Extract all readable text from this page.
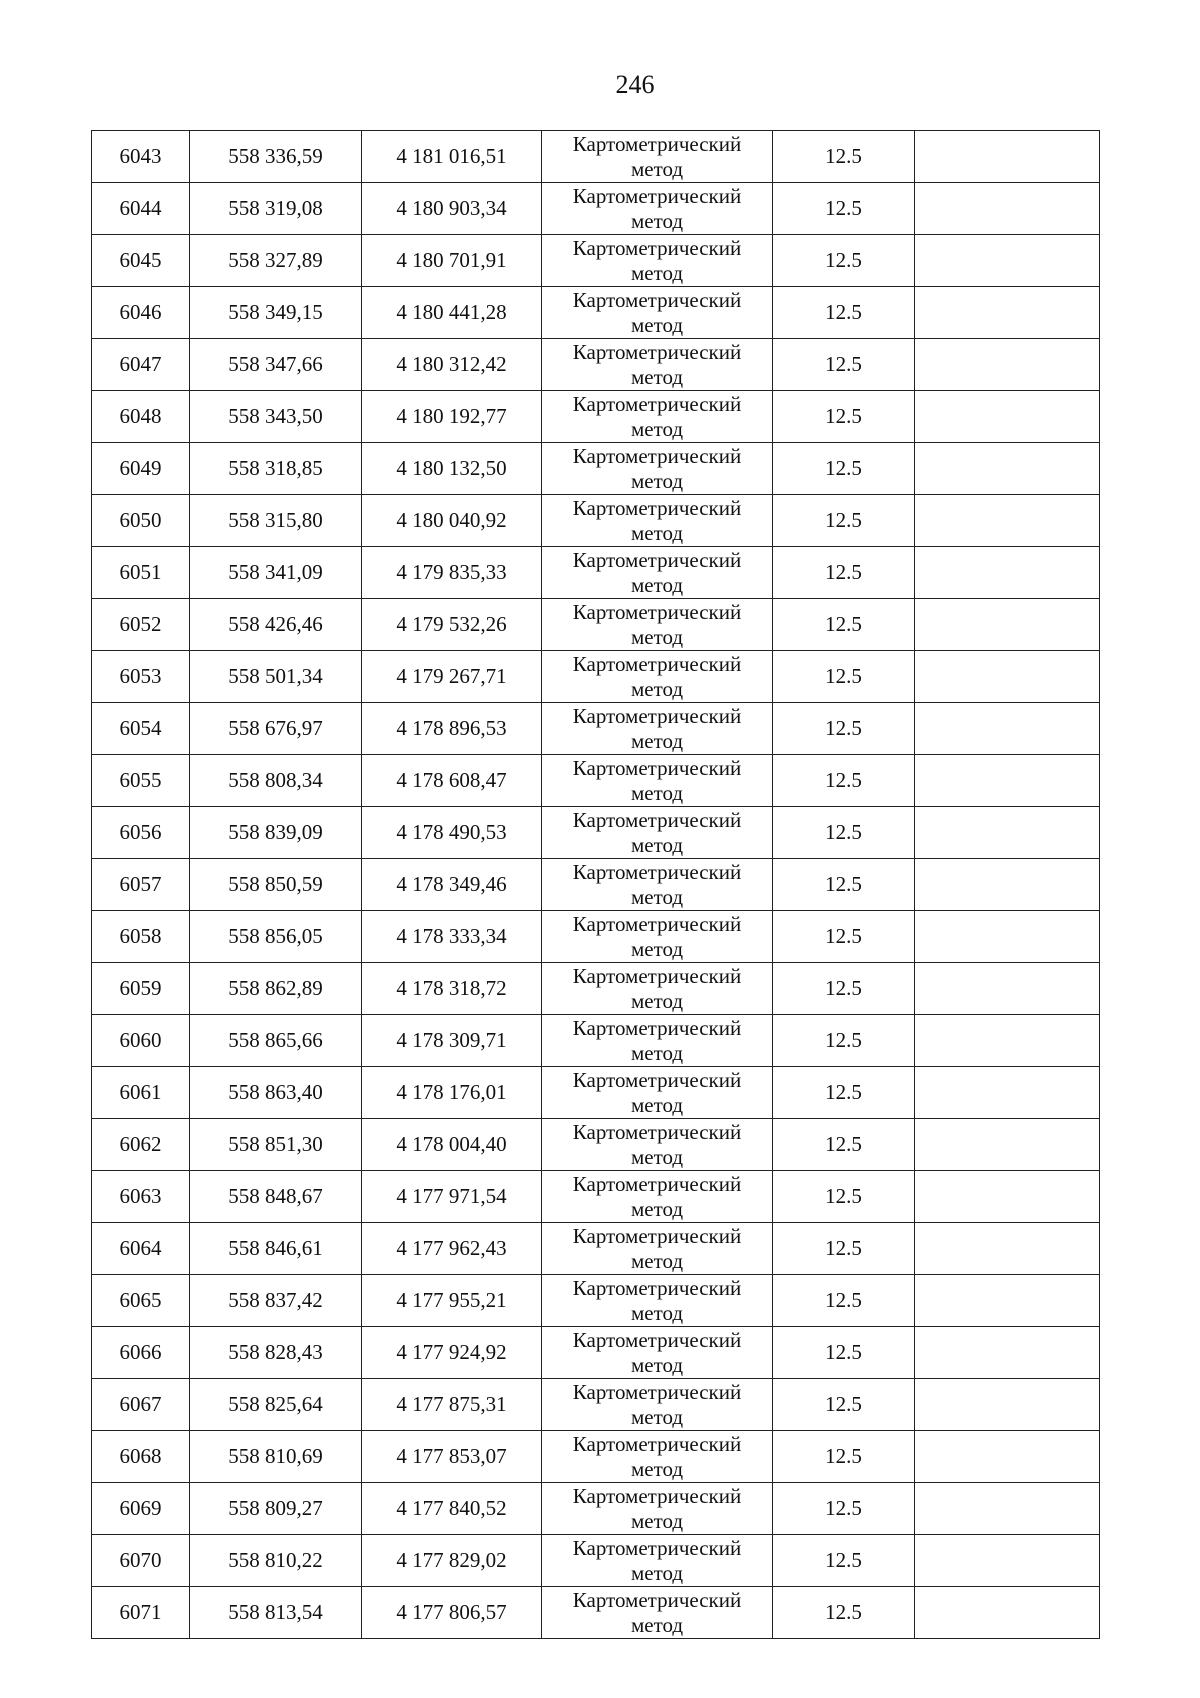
246
6043	558 336,59	4 181 016,51	Картометрический
метод	12.5	
6044	558 319,08	4 180 903,34	Картометрический
метод	12.5	
6045	558 327,89	4 180 701,91	Картометрический
метод	12.5	
6046	558 349,15	4 180 441,28	Картометрический
метод	12.5	
6047	558 347,66	4 180 312,42	Картометрический
метод	12.5	
6048	558 343,50	4 180 192,77	Картометрический
метод	12.5	
6049	558 318,85	4 180 132,50	Картометрический
метод	12.5	
6050	558 315,80	4 180 040,92	Картометрический
метод	12.5	
6051	558 341,09	4 179 835,33	Картометрический
метод	12.5	
6052	558 426,46	4 179 532,26	Картометрический
метод	12.5	
6053	558 501,34	4 179 267,71	Картометрический
метод	12.5	
6054	558 676,97	4 178 896,53	Картометрический
метод	12.5	
6055	558 808,34	4 178 608,47	Картометрический
метод	12.5	
6056	558 839,09	4 178 490,53	Картометрический
метод	12.5	
6057	558 850,59	4 178 349,46	Картометрический
метод	12.5	
6058	558 856,05	4 178 333,34	Картометрический
метод	12.5	
6059	558 862,89	4 178 318,72	Картометрический
метод	12.5	
6060	558 865,66	4 178 309,71	Картометрический
метод	12.5	
6061	558 863,40	4 178 176,01	Картометрический
метод	12.5	
6062	558 851,30	4 178 004,40	Картометрический
метод	12.5	
6063	558 848,67	4 177 971,54	Картометрический
метод	12.5	
6064	558 846,61	4 177 962,43	Картометрический
метод	12.5	
6065	558 837,42	4 177 955,21	Картометрический
метод	12.5	
6066	558 828,43	4 177 924,92	Картометрический
метод	12.5	
6067	558 825,64	4 177 875,31	Картометрический
метод	12.5	
6068	558 810,69	4 177 853,07	Картометрический
метод	12.5	
6069	558 809,27	4 177 840,52	Картометрический
метод	12.5	
6070	558 810,22	4 177 829,02	Картометрический
метод	12.5	
6071	558 813,54	4 177 806,57	Картометрический
метод	12.5	
